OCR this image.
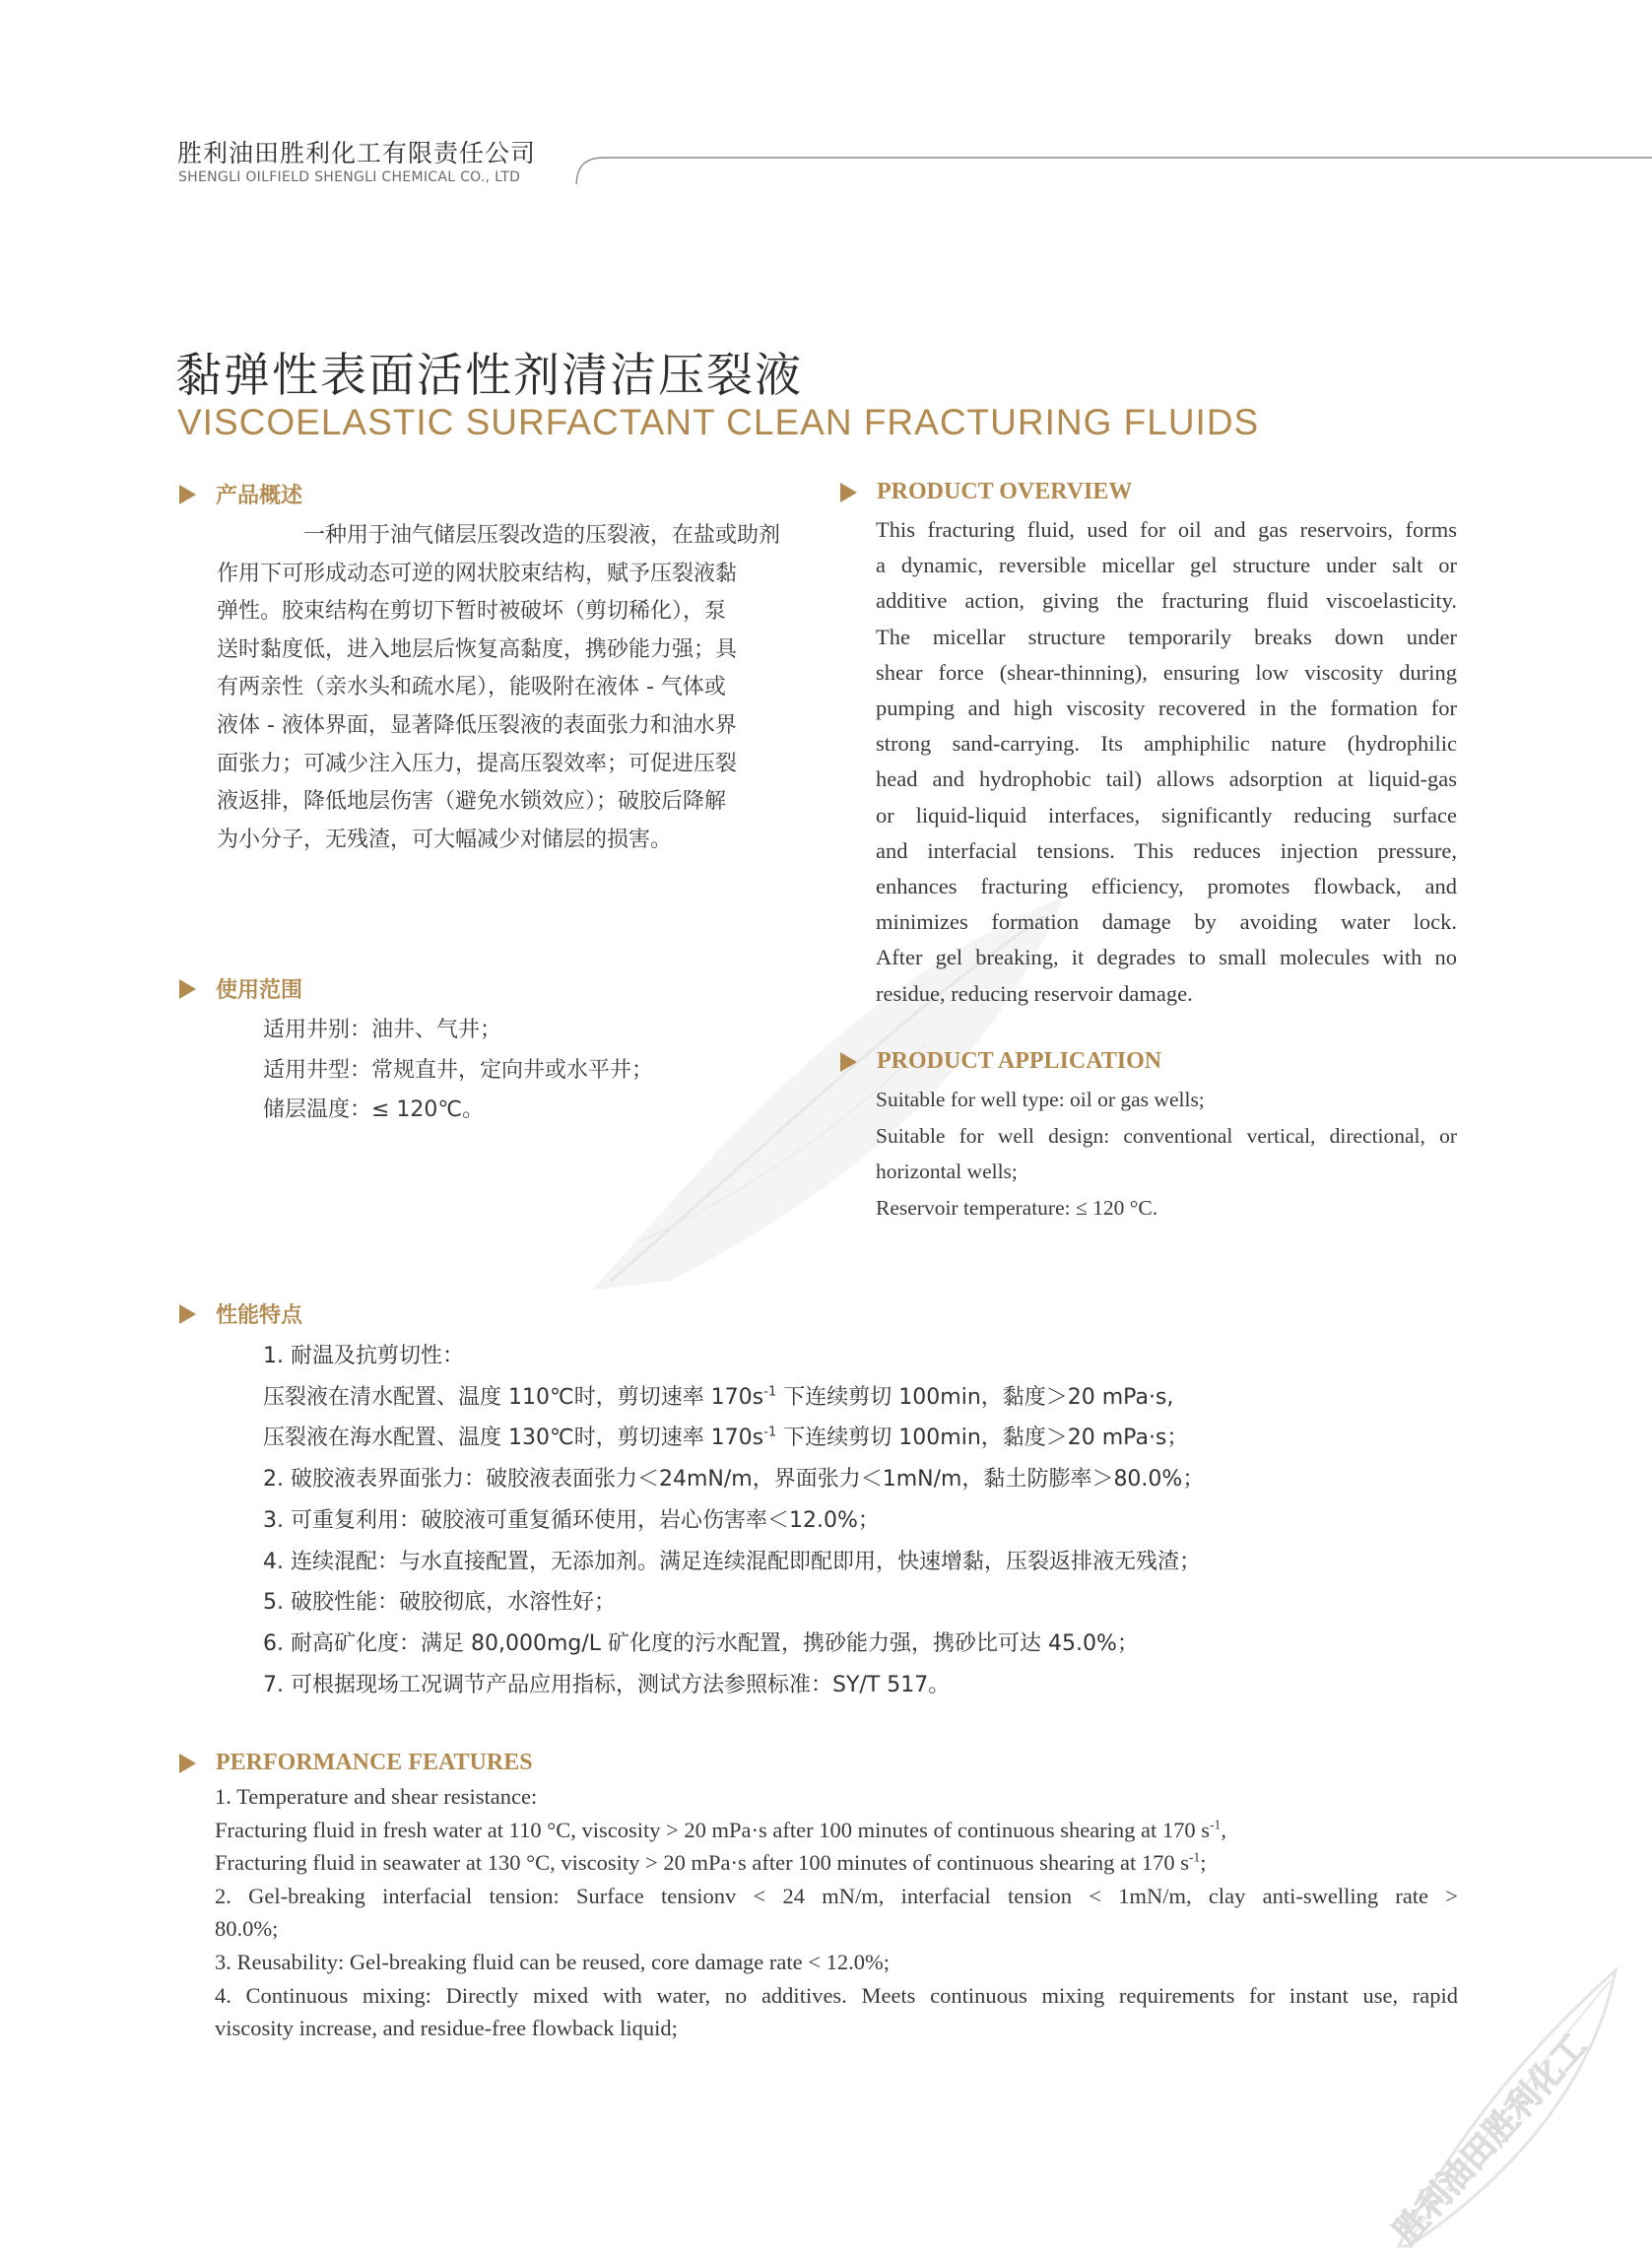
胜利油田胜利化工有限责任公司
SHENGLI OILFIELD SHENGLI CHEMICAL CO., LTD
黏弹性表面活性剂清洁压裂液
VISCOELASTIC SURFACTANT CLEAN FRACTURING FLUIDS
产品概述
一种用于油气储层压裂改造的压裂液，在盐或助剂
作用下可形成动态可逆的网状胶束结构，赋予压裂液黏
弹性。胶束结构在剪切下暂时被破坏（剪切稀化），泵
送时黏度低，进入地层后恢复高黏度，携砂能力强；具
有两亲性（亲水头和疏水尾），能吸附在液体 - 气体或
液体 - 液体界面，显著降低压裂液的表面张力和油水界
面张力；可减少注入压力，提高压裂效率；可促进压裂
液返排，降低地层伤害（避免水锁效应）；破胶后降解
为小分子，无残渣，可大幅减少对储层的损害。
PRODUCT OVERVIEW
This fracturing fluid, used for oil and gas reservoirs, forms
a dynamic, reversible micellar gel structure under salt or
additive action, giving the fracturing fluid viscoelasticity.
The micellar structure temporarily breaks down under
shear force (shear-thinning), ensuring low viscosity during
pumping and high viscosity recovered in the formation for
strong sand-carrying. Its amphiphilic nature (hydrophilic
head and hydrophobic tail) allows adsorption at liquid-gas
or liquid-liquid interfaces, significantly reducing surface
and interfacial tensions. This reduces injection pressure,
enhances fracturing efficiency, promotes flowback, and
minimizes formation damage by avoiding water lock.
After gel breaking, it degrades to small molecules with no
residue, reducing reservoir damage.
使用范围
适用井别：油井、气井；
适用井型：常规直井，定向井或水平井；
储层温度：≤ 120℃。
PRODUCT APPLICATION
Suitable for well type: oil or gas wells;
Suitable for well design: conventional vertical, directional, or
horizontal wells;
Reservoir temperature: ≤ 120 °C.
性能特点
1. 耐温及抗剪切性：
压裂液在清水配置、温度 110℃时，剪切速率 $170s^{-1}$ 下连续剪切 100min，黏度＞20 mPa·s,
压裂液在海水配置、温度 130℃时，剪切速率 $170s^{-1}$ 下连续剪切 100min，黏度＞20 mPa·s；
2. 破胶液表界面张力：破胶液表面张力＜24mN/m，界面张力＜1mN/m，黏土防膨率＞80.0%；
3. 可重复利用：破胶液可重复循环使用，岩心伤害率＜12.0%；
4. 连续混配：与水直接配置，无添加剂。满足连续混配即配即用，快速增黏，压裂返排液无残渣；
5. 破胶性能：破胶彻底，水溶性好；
6. 耐高矿化度：满足 80,000mg/L 矿化度的污水配置，携砂能力强，携砂比可达 45.0%；
7. 可根据现场工况调节产品应用指标，测试方法参照标准：SY/T 517。
PERFORMANCE FEATURES
1. Temperature and shear resistance:
Fracturing fluid in fresh water at 110 °C, viscosity > 20 mPa·s after 100 minutes of continuous shearing at 170 $s^{-1}$,
Fracturing fluid in seawater at 130 °C, viscosity > 20 mPa·s after 100 minutes of continuous shearing at 170 $s^{-1}$;
2. Gel-breaking interfacial tension: Surface tensionv < 24 mN/m, interfacial tension < 1mN/m, clay anti-swelling rate >
80.0%;
3. Reusability: Gel-breaking fluid can be reused, core damage rate < 12.0%;
4. Continuous mixing: Directly mixed with water, no additives. Meets continuous mixing requirements for instant use, rapid
viscosity increase, and residue-free flowback liquid;	胜利油田胜利化工
